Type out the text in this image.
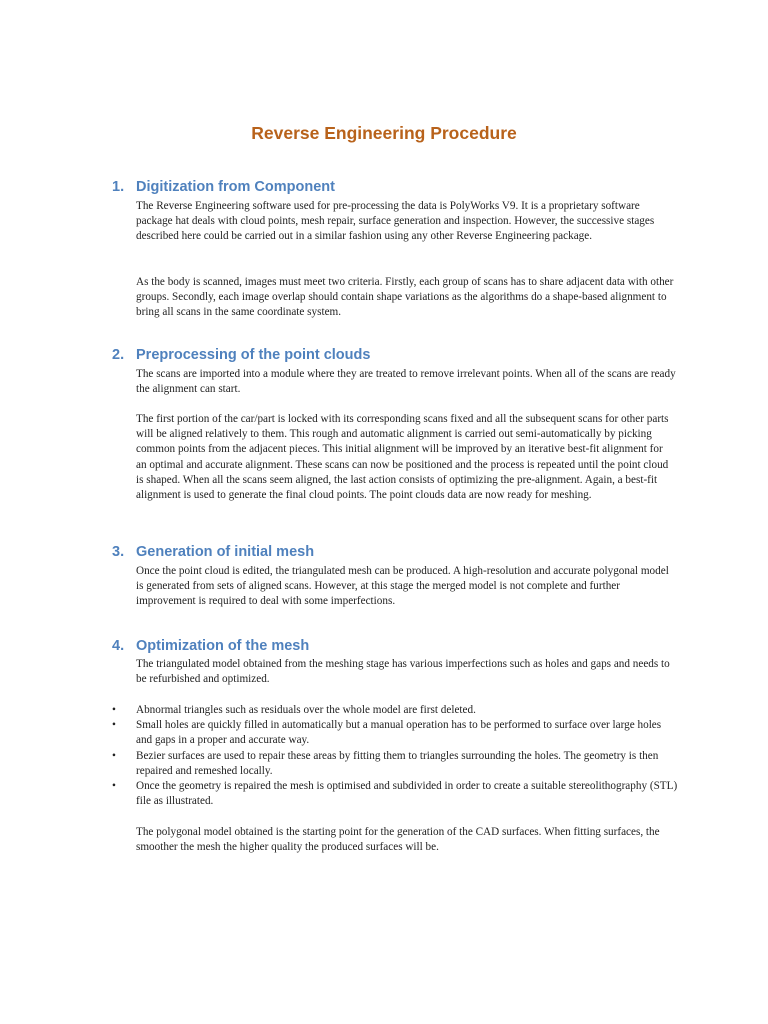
Reverse Engineering Procedure
1. Digitization from Component

The Reverse Engineering software used for pre-processing the data is PolyWorks V9. It is a proprietary software package hat deals with cloud points, mesh repair, surface generation and inspection. However, the successive stages described here could be carried out in a similar fashion using any other Reverse Engineering package.

As the body is scanned, images must meet two criteria. Firstly, each group of scans has to share adjacent data with other groups. Secondly, each image overlap should contain shape variations as the algorithms do a shape-based alignment to bring all scans in the same coordinate system.

2. Preprocessing of the point clouds

The scans are imported into a module where they are treated to remove irrelevant points. When all of the scans are ready the alignment can start.

The first portion of the car/part is locked with its corresponding scans fixed and all the subsequent scans for other parts will be aligned relatively to them. This rough and automatic alignment is carried out semi-automatically by picking common points from the adjacent pieces. This initial alignment will be improved by an iterative best-fit alignment for an optimal and accurate alignment. These scans can now be positioned and the process is repeated until the point cloud is shaped. When all the scans seem aligned, the last action consists of optimizing the pre-alignment. Again, a best-fit alignment is used to generate the final cloud points. The point clouds data are now ready for meshing.

3. Generation of initial mesh

Once the point cloud is edited, the triangulated mesh can be produced. A high-resolution and accurate polygonal model is generated from sets of aligned scans. However, at this stage the merged model is not complete and further improvement is required to deal with some imperfections.

4. Optimization of the mesh

The triangulated model obtained from the meshing stage has various imperfections such as holes and gaps and needs to be refurbished and optimized.

•	Abnormal triangles such as residuals over the whole model are first deleted.
•	Small holes are quickly filled in automatically but a manual operation has to be performed to surface over large holes and gaps in a proper and accurate way.
•	Bezier surfaces are used to repair these areas by fitting them to triangles surrounding the holes. The geometry is then repaired and remeshed locally.
•	Once the geometry is repaired the mesh is optimised and subdivided in order to create a suitable stereolithography (STL) file as illustrated.

The polygonal model obtained is the starting point for the generation of the CAD surfaces. When fitting surfaces, the smoother the mesh the higher quality the produced surfaces will be.
